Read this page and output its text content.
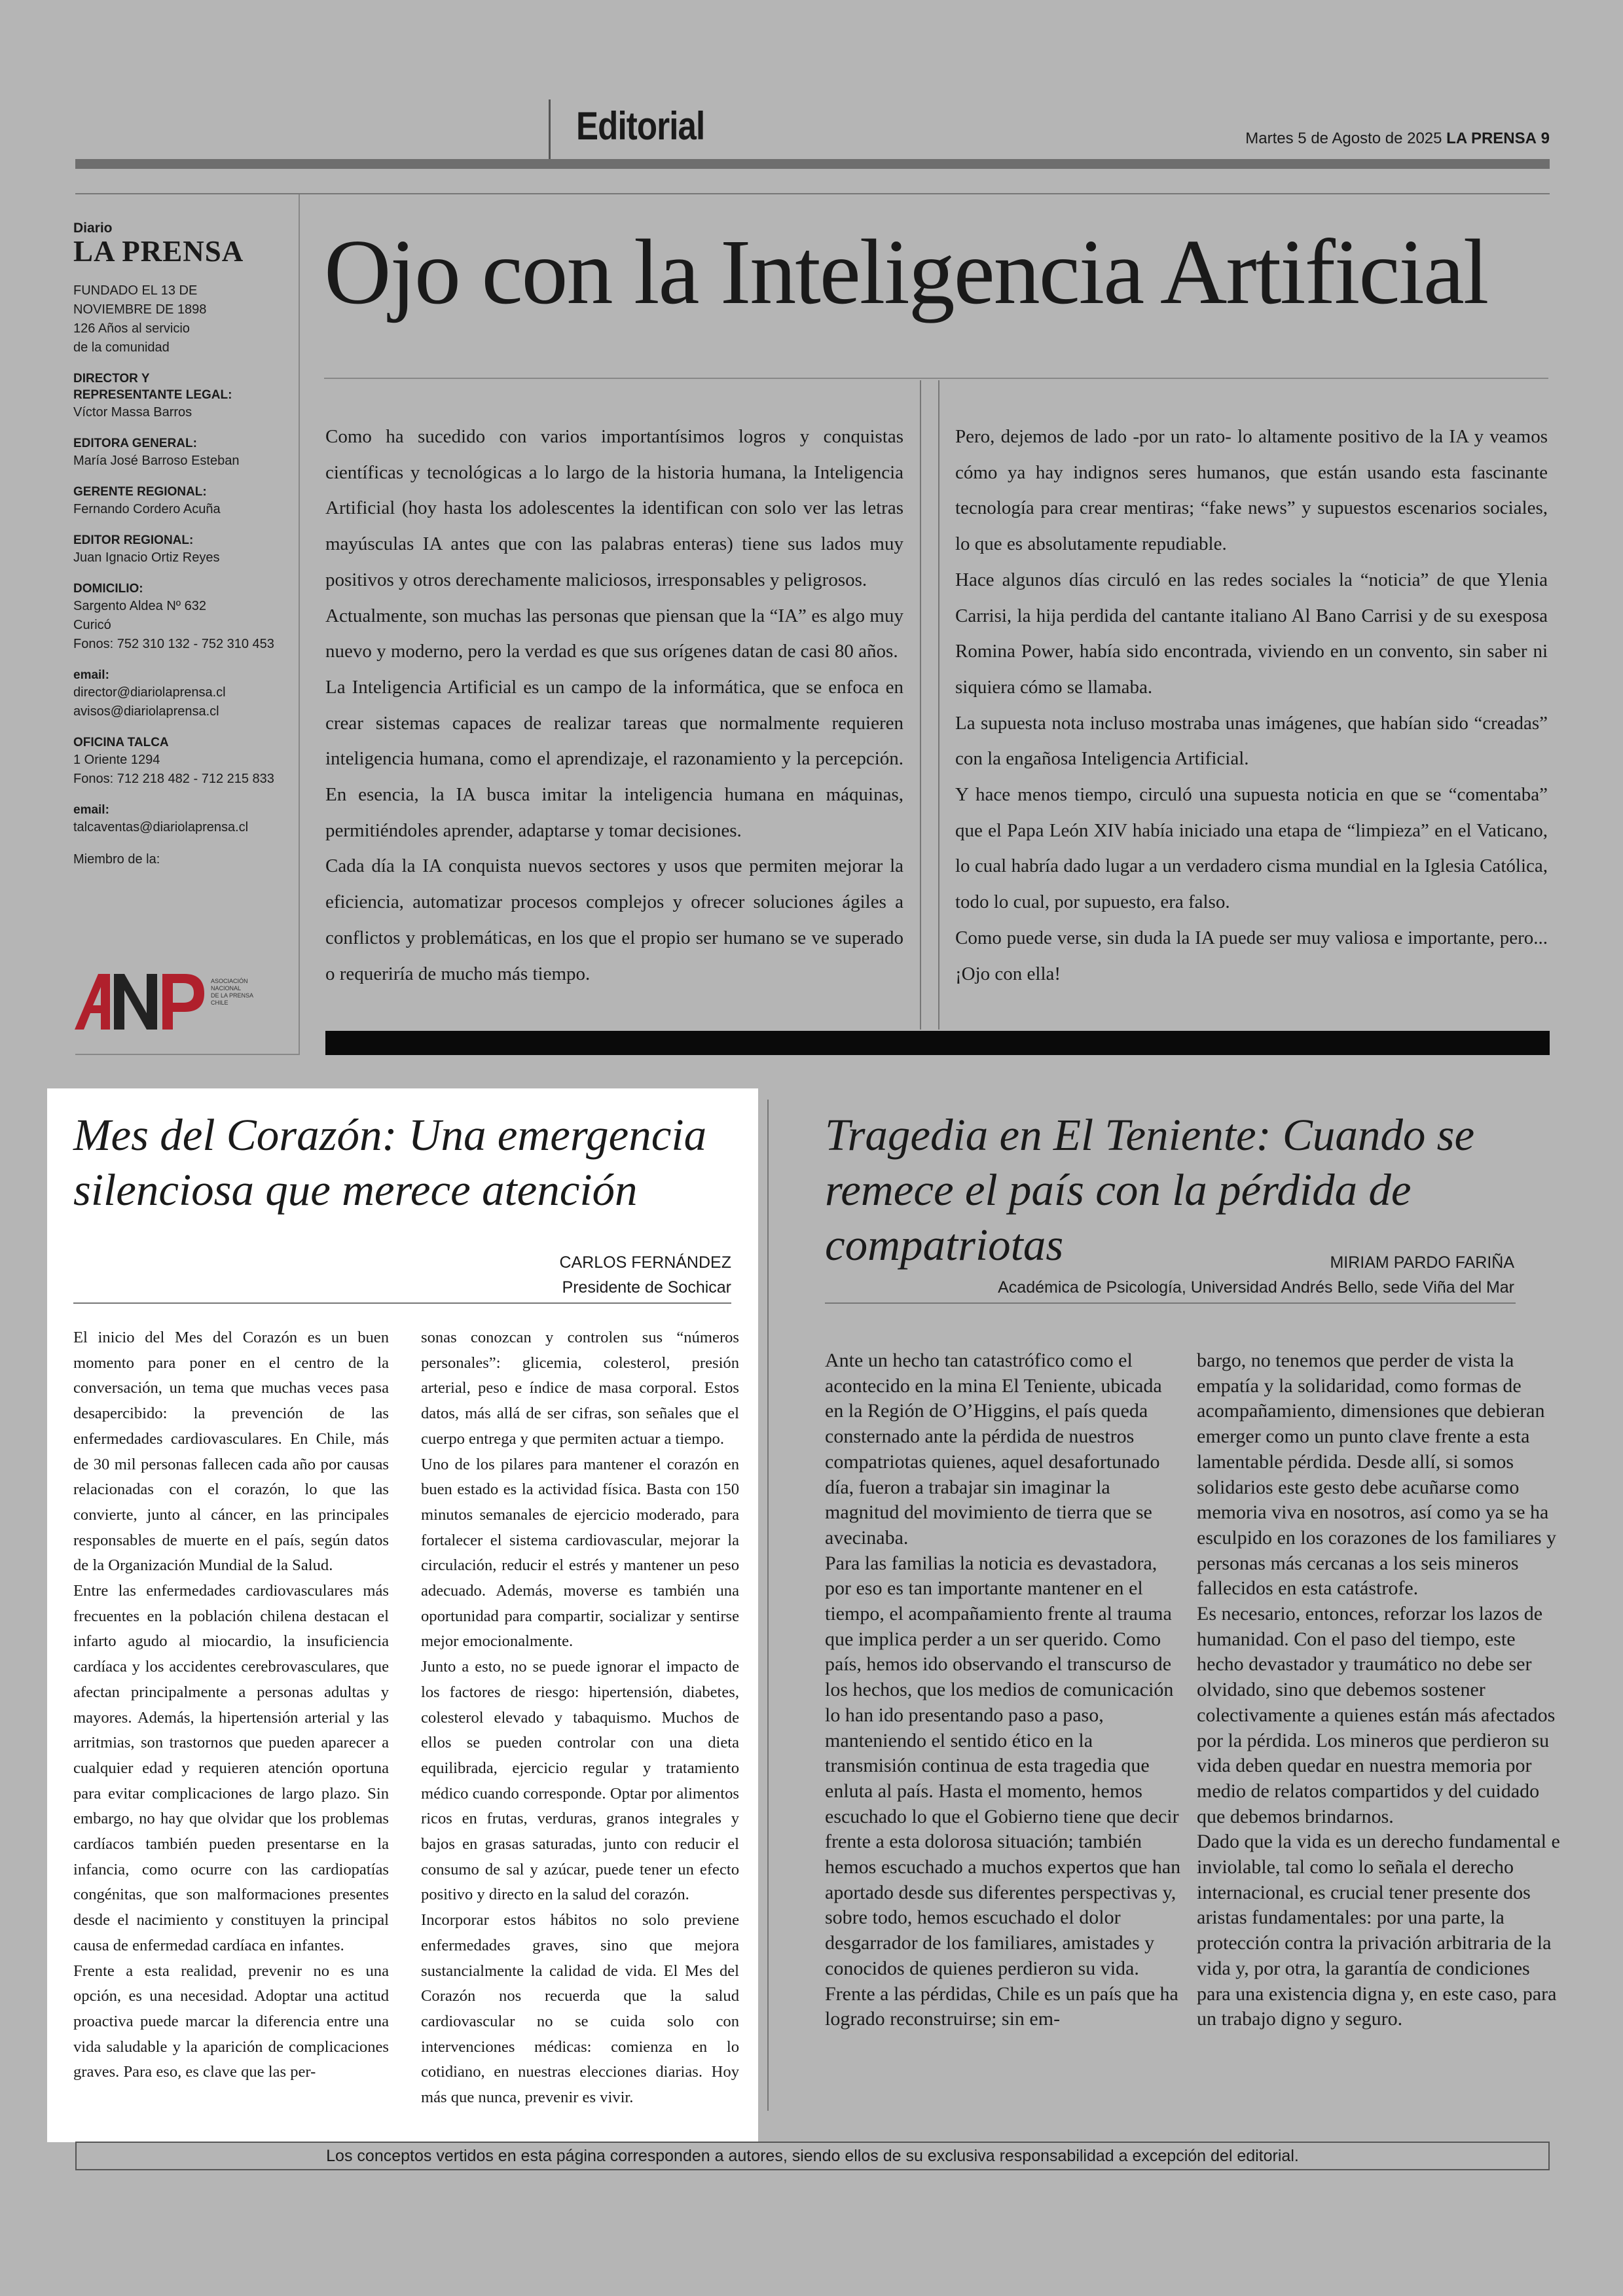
Editorial	Martes 5 de Agosto de 2025 LA PRENSA 9
Diario
LA PRENSA
FUNDADO EL 13 DE
NOVIEMBRE DE 1898
126 Años al servicio
de la comunidad
DIRECTOR Y
REPRESENTANTE LEGAL:
Víctor Massa Barros
EDITORA GENERAL:
María José Barroso Esteban
GERENTE REGIONAL:
Fernando Cordero Acuña
EDITOR REGIONAL:
Juan Ignacio Ortiz Reyes
DOMICILIO:
Sargento Aldea Nº 632
Curicó
Fonos: 752 310 132 - 752 310 453
email:
director@diariolaprensa.cl
avisos@diariolaprensa.cl
OFICINA TALCA
1 Oriente 1294
Fonos: 712 218 482 - 712 215 833
email:
talcaventas@diariolaprensa.cl
Miembro de la:
ASOCIACIÓN
NACIONAL
DE LA PRENSA
CHILE
Ojo con la Inteligencia Artificial

Como ha sucedido con varios importantísimos logros y conquistas científicas y tecnológicas a lo largo de la historia humana, la Inteligencia Artificial (hoy hasta los adolescentes la identifican con solo ver las letras mayúsculas IA antes que con las palabras enteras) tiene sus lados muy positivos y otros derechamente maliciosos, irresponsables y peligrosos.

Actualmente, son muchas las personas que piensan que la “IA” es algo muy nuevo y moderno, pero la verdad es que sus orígenes datan de casi 80 años.

La Inteligencia Artificial es un campo de la informática, que se enfoca en crear sistemas capaces de realizar tareas que normalmente requieren inteligencia humana, como el aprendizaje, el razonamiento y la percepción. En esencia, la IA busca imitar la inteligencia humana en máquinas, permitiéndoles aprender, adaptarse y tomar decisiones.

Cada día la IA conquista nuevos sectores y usos que permiten mejorar la eficiencia, automatizar procesos complejos y ofrecer soluciones ágiles a conflictos y problemáticas, en los que el propio ser humano se ve superado o requeriría de mucho más tiempo.

Pero, dejemos de lado -por un rato- lo altamente positivo de la IA y veamos cómo ya hay indignos seres humanos, que están usando esta fascinante tecnología para crear mentiras; “fake news” y supuestos escenarios sociales, lo que es absolutamente repudiable.

Hace algunos días circuló en las redes sociales la “noticia” de que Ylenia Carrisi, la hija perdida del cantante italiano Al Bano Carrisi y de su exesposa Romina Power, había sido encontrada, viviendo en un convento, sin saber ni siquiera cómo se llamaba.

La supuesta nota incluso mostraba unas imágenes, que habían sido “creadas” con la engañosa Inteligencia Artificial.

Y hace menos tiempo, circuló una supuesta noticia en que se “comentaba” que el Papa León XIV había iniciado una etapa de “limpieza” en el Vaticano, lo cual habría dado lugar a un verdadero cisma mundial en la Iglesia Católica, todo lo cual, por supuesto, era falso.

Como puede verse, sin duda la IA puede ser muy valiosa e importante, pero... ¡Ojo con ella!

Mes del Corazón: Una emergencia silenciosa que merece atención
CARLOS FERNÁNDEZ
Presidente de Sochicar

El inicio del Mes del Corazón es un buen momento para poner en el centro de la conversación, un tema que muchas veces pasa desapercibido: la prevención de las enfermedades cardiovasculares. En Chile, más de 30 mil personas fallecen cada año por causas relacionadas con el corazón, lo que las convierte, junto al cáncer, en las principales responsables de muerte en el país, según datos de la Organización Mundial de la Salud.

Entre las enfermedades cardiovasculares más frecuentes en la población chilena destacan el infarto agudo al miocardio, la insuficiencia cardíaca y los accidentes cerebrovasculares, que afectan principalmente a personas adultas y mayores. Además, la hipertensión arterial y las arritmias, son trastornos que pueden aparecer a cualquier edad y requieren atención oportuna para evitar complicaciones de largo plazo. Sin embargo, no hay que olvidar que los problemas cardíacos también pueden presentarse en la infancia, como ocurre con las cardiopatías congénitas, que son malformaciones presentes desde el nacimiento y constituyen la principal causa de enfermedad cardíaca en infantes.

Frente a esta realidad, prevenir no es una opción, es una necesidad. Adoptar una actitud proactiva puede marcar la diferencia entre una vida saludable y la aparición de complicaciones graves. Para eso, es clave que las per-

sonas conozcan y controlen sus “números personales”: glicemia, colesterol, presión arterial, peso e índice de masa corporal. Estos datos, más allá de ser cifras, son señales que el cuerpo entrega y que permiten actuar a tiempo.

Uno de los pilares para mantener el corazón en buen estado es la actividad física. Basta con 150 minutos semanales de ejercicio moderado, para fortalecer el sistema cardiovascular, mejorar la circulación, reducir el estrés y mantener un peso adecuado. Además, moverse es también una oportunidad para compartir, socializar y sentirse mejor emocionalmente.

Junto a esto, no se puede ignorar el impacto de los factores de riesgo: hipertensión, diabetes, colesterol elevado y tabaquismo. Muchos de ellos se pueden controlar con una dieta equilibrada, ejercicio regular y tratamiento médico cuando corresponde. Optar por alimentos ricos en frutas, verduras, granos integrales y bajos en grasas saturadas, junto con reducir el consumo de sal y azúcar, puede tener un efecto positivo y directo en la salud del corazón.

Incorporar estos hábitos no solo previene enfermedades graves, sino que mejora sustancialmente la calidad de vida. El Mes del Corazón nos recuerda que la salud cardiovascular no se cuida solo con intervenciones médicas: comienza en lo cotidiano, en nuestras elecciones diarias. Hoy más que nunca, prevenir es vivir.

Tragedia en El Teniente: Cuando se remece el país con la pérdida de compatriotas	MIRIAM PARDO FARIÑA
Académica de Psicología, Universidad Andrés Bello, sede Viña del Mar

Ante un hecho tan catastrófico como el acontecido en la mina El Teniente, ubicada en la Región de O’Higgins, el país queda consternado ante la pérdida de nuestros compatriotas quienes, aquel desafortunado día, fueron a trabajar sin imaginar la magnitud del movimiento de tierra que se avecinaba.

Para las familias la noticia es devastadora, por eso es tan importante mantener en el tiempo, el acompañamiento frente al trauma que implica perder a un ser querido. Como país, hemos ido observando el transcurso de los hechos, que los medios de comunicación lo han ido presentando paso a paso, manteniendo el sentido ético en la transmisión continua de esta tragedia que enluta al país. Hasta el momento, hemos escuchado lo que el Gobierno tiene que decir frente a esta dolorosa situación; también hemos escuchado a muchos expertos que han aportado desde sus diferentes perspectivas y, sobre todo, hemos escuchado el dolor desgarrador de los familiares, amistades y conocidos de quienes perdieron su vida.

Frente a las pérdidas, Chile es un país que ha logrado reconstruirse; sin em-

bargo, no tenemos que perder de vista la empatía y la solidaridad, como formas de acompañamiento, dimensiones que debieran emerger como un punto clave frente a esta lamentable pérdida. Desde allí, si somos solidarios este gesto debe acuñarse como memoria viva en nosotros, así como ya se ha esculpido en los corazones de los familiares y personas más cercanas a los seis mineros fallecidos en esta catástrofe.

Es necesario, entonces, reforzar los lazos de humanidad. Con el paso del tiempo, este hecho devastador y traumático no debe ser olvidado, sino que debemos sostener colectivamente a quienes están más afectados por la pérdida. Los mineros que perdieron su vida deben quedar en nuestra memoria por medio de relatos compartidos y del cuidado que debemos brindarnos.

Dado que la vida es un derecho fundamental e inviolable, tal como lo señala el derecho internacional, es crucial tener presente dos aristas fundamentales: por una parte, la protección contra la privación arbitraria de la vida y, por otra, la garantía de condiciones para una existencia digna y, en este caso, para un trabajo digno y seguro.

Los conceptos vertidos en esta página corresponden a autores, siendo ellos de su exclusiva responsabilidad a excepción del editorial.
